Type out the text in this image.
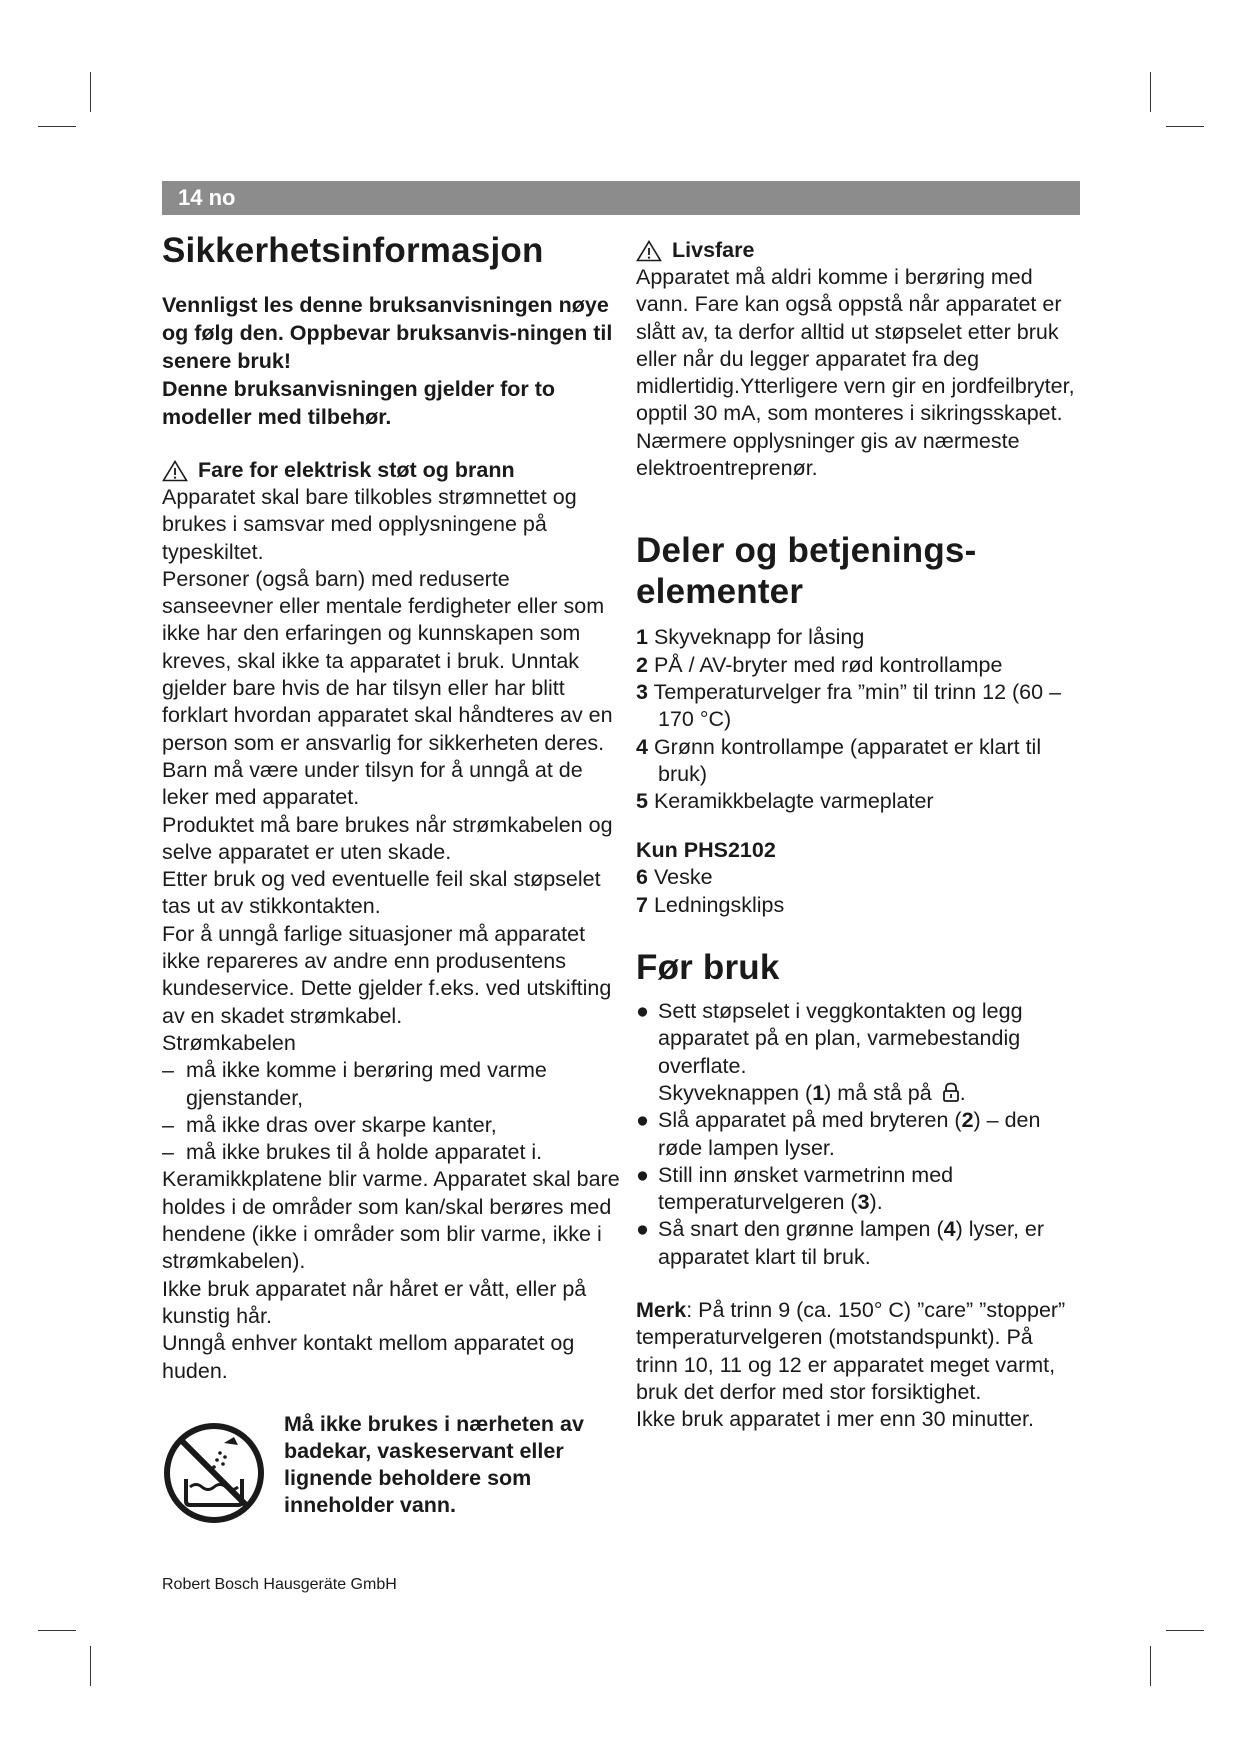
14 no
Sikkerhetsinformasjon

Vennligst les denne bruksanvisningen nøye og følg den. Oppbevar bruksanvis-ningen til senere bruk!

Denne bruksanvisningen gjelder for to modeller med tilbehør.

Fare for elektrisk støt og brann

Apparatet skal bare tilkobles strømnettet og brukes i samsvar med opplysningene på typeskiltet.

Personer (også barn) med reduserte sanseevner eller mentale ferdigheter eller som ikke har den erfaringen og kunnskapen som kreves, skal ikke ta apparatet i bruk. Unntak gjelder bare hvis de har tilsyn eller har blitt forklart hvordan apparatet skal håndteres av en person som er ansvarlig for sikkerheten deres.

Barn må være under tilsyn for å unngå at de leker med apparatet.

Produktet må bare brukes når strømkabelen og selve apparatet er uten skade.

Etter bruk og ved eventuelle feil skal støpselet tas ut av stikkontakten.

For å unngå farlige situasjoner må apparatet ikke repareres av andre enn produsentens kundeservice. Dette gjelder f.eks. ved utskifting av en skadet strømkabel.

Strømkabelen

– må ikke komme i berøring med varme gjenstander,

– må ikke dras over skarpe kanter,

– må ikke brukes til å holde apparatet i.

Keramikkplatene blir varme. Apparatet skal bare holdes i de områder som kan/skal berøres med hendene (ikke i områder som blir varme, ikke i strømkabelen).

Ikke bruk apparatet når håret er vått, eller på kunstig hår.

Unngå enhver kontakt mellom apparatet og huden.

Må ikke brukes i nærheten av badekar, vaskeservant eller lignende beholdere som inneholder vann.
Livsfare

Apparatet må aldri komme i berøring med vann. Fare kan også oppstå når apparatet er slått av, ta derfor alltid ut støpselet etter bruk eller når du legger apparatet fra deg midlertidig.Ytterligere vern gir en jordfeilbryter, opptil 30 mA, som monteres i sikringsskapet. Nærmere opplysninger gis av nærmeste elektroentreprenør.

Deler og betjenings-elementer

1 Skyveknapp for låsing

2 PÅ / AV-bryter med rød kontrollampe

3 Temperaturvelger fra ”min” til trinn 12 (60 – 170 °C)

4 Grønn kontrollampe (apparatet er klart til bruk)

5 Keramikkbelagte varmeplater

Kun PHS2102

6 Veske

7 Ledningsklips

Før bruk

● Sett støpselet i veggkontakten og legg apparatet på en plan, varmebestandig overflate.

Skyveknappen (1) må stå på .

● Slå apparatet på med bryteren (2) – den røde lampen lyser.

● Still inn ønsket varmetrinn med temperaturvelgeren (3).

● Så snart den grønne lampen (4) lyser, er apparatet klart til bruk.

Merk: På trinn 9 (ca. 150° C) ”care” ”stopper” temperaturvelgeren (motstandspunkt). På trinn 10, 11 og 12 er apparatet meget varmt, bruk det derfor med stor forsiktighet.

Ikke bruk apparatet i mer enn 30 minutter.

Robert Bosch Hausgeräte GmbH
